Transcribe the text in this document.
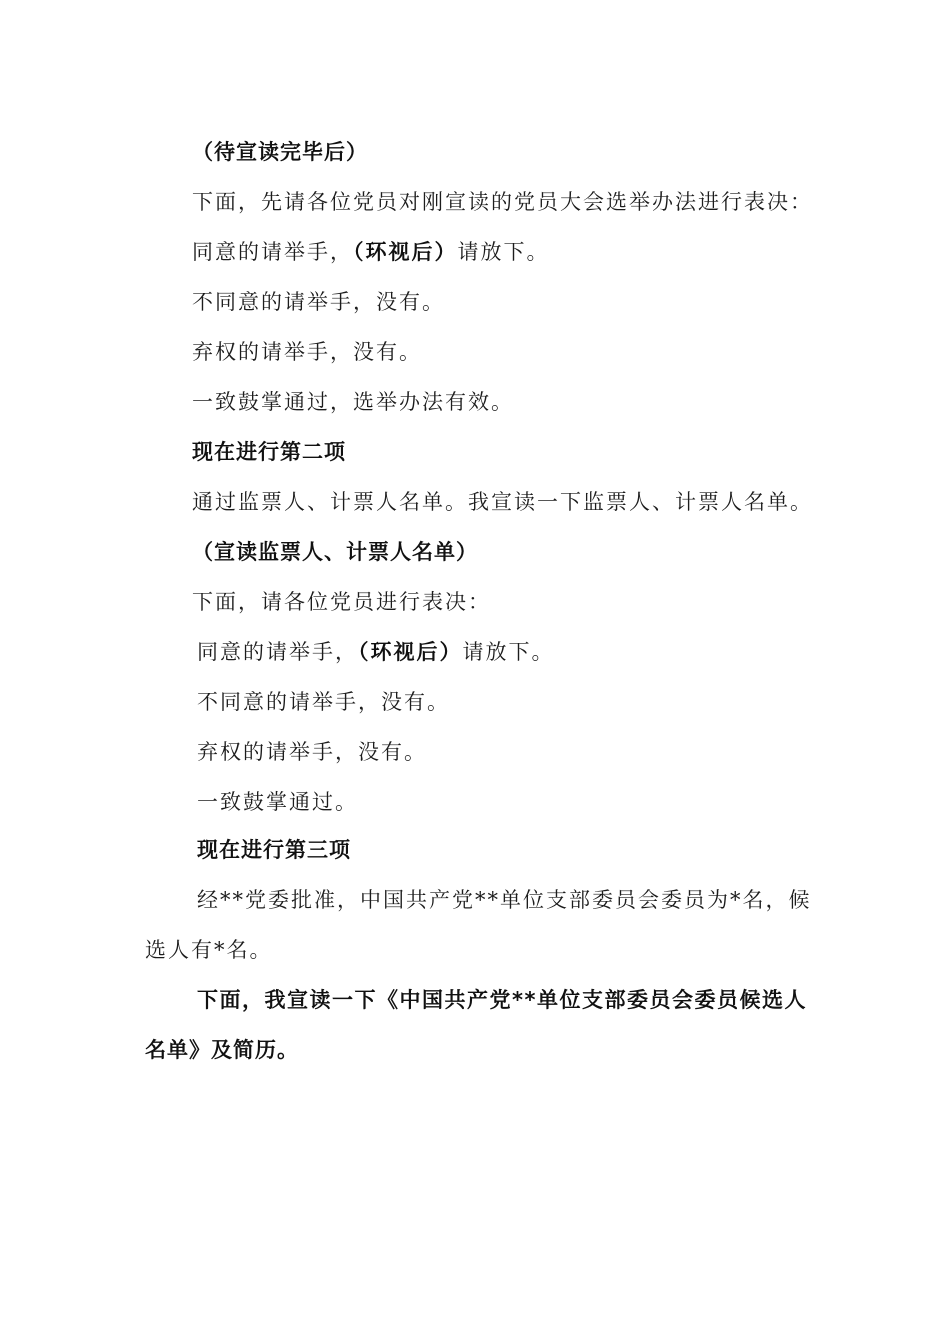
（待宣读完毕后）
下面，先请各位党员对刚宣读的党员大会选举办法进行表决：
同意的请举手，（环视后）请放下。
不同意的请举手，没有。
弃权的请举手，没有。
一致鼓掌通过，选举办法有效。
现在进行第二项
通过监票人、计票人名单。我宣读一下监票人、计票人名单。
（宣读监票人、计票人名单）
下面，请各位党员进行表决：
同意的请举手，（环视后）请放下。
不同意的请举手，没有。
弃权的请举手，没有。
一致鼓掌通过。
现在进行第三项
经**党委批准，中国共产党**单位支部委员会委员为*名，候
选人有*名。
下面，我宣读一下《中国共产党**单位支部委员会委员候选人
名单》及简历。
